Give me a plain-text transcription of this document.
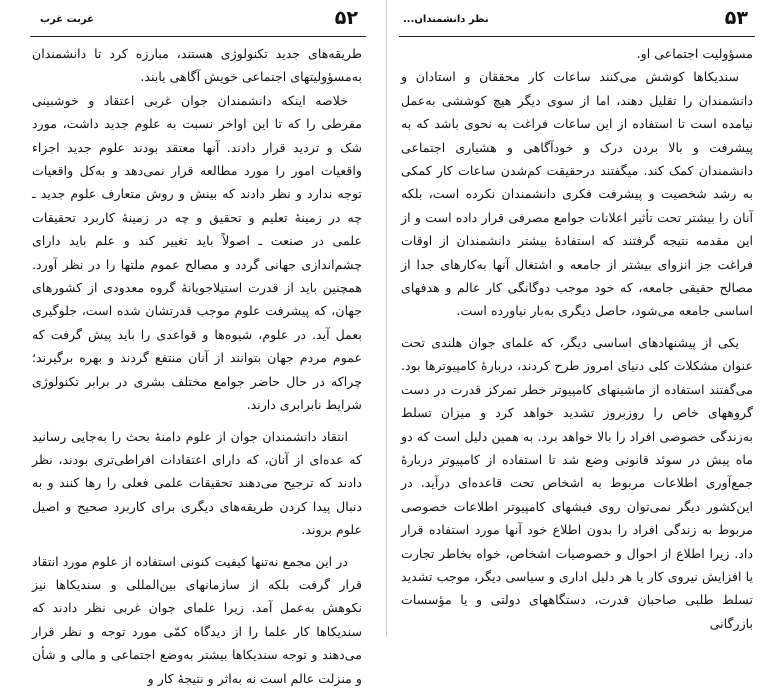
۵۲
غربت غرب

طریقه‌های جدید تکنولوژی هستند، مبارزه کرد تا دانشمندان به‌مسؤولیتهای اجتماعی خویش آگاهی یابند.

خلاصه اینکه دانشمندان جوان غربی اعتقاد و خوشبینی مفرطی را که تا این اواخر نسبت به علوم جدید داشت، مورد شک و تردید قرار دادند. آنها معتقد بودند علوم جدید اجزاء واقعیات امور را مورد مطالعه قرار نمی‌دهد و به‌کل واقعیات توجه ندارد و نظر دادند که بینش و روش متعارف علوم جدید ـ چه در زمینهٔ تعلیم و تحقیق و چه در زمینهٔ کاربرد تحقیقات علمی در صنعت ـ اصولاً باید تغییر کند و علم باید دارای چشم‌اندازی جهانی گردد و مصالح عموم ملتها را در نظر آورد. همچنین باید از قدرت استیلاجویانهٔ گروه معدودی از کشورهای جهان، که پیشرفت علوم موجب قدرتشان شده است، جلوگیری بعمل آید. در علوم، شیوه‌ها و قواعدی را باید پیش گرفت که عموم مردم جهان بتوانند از آنان منتفع گردند و بهره برگیرند؛ چراکه در حال حاضر جوامع مختلف بشری در برابر تکنولوژی شرایط نابرابری دارند.

انتقاد دانشمندان جوان از علوم دامنهٔ بحث را به‌جایی رسانید که عده‌ای از آنان، که دارای اعتقادات افراطی‌تری بودند، نظر دادند که ترجیح می‌دهند تحقیقات علمی فعلی را رها کنند و به دنبال پیدا کردن طریقه‌های دیگری برای کاربرد صحیح و اصیل علوم بروند.

در این مجمع نه‌تنها کیفیت کنونی استفاده از علوم مورد انتقاد قرار گرفت بلکه از سازمانهای بین‌المللی و سندیکاها نیز نکوهش به‌عمل آمد. زیرا علمای جوان غربی نظر دادند که سندیکاها کار علما را از دیدگاه کمّی مورد توجه و نظر قرار می‌دهند و توجه سندیکاها بیشتر به‌وضع اجتماعی و مالی و شأن و منزلت عالم است نه به‌اثر و نتیجهٔ کار و

۵۳
نظر دانشمندان...

مسؤولیت اجتماعی او.

سندیکاها کوشش می‌کنند ساعات کار محققان و استادان و دانشمندان را تقلیل دهند، اما از سوی دیگر هیچ کوششی به‌عمل نیامده است تا استفاده از این ساعات فراغت به نحوی باشد که به پیشرفت و بالا بردن درک و خودآگاهی و هشیاری اجتماعی دانشمندان کمک کند. میگفتند درحقیقت کم‌شدن ساعات کار کمکی به رشد شخصیت و پیشرفت فکری دانشمندان نکرده است، بلکه آنان را بیشتر تحت تأثیر اعلانات جوامع مصرفی قرار داده است و از این مقدمه نتیجه گرفتند که استفادهٔ بیشتر دانشمندان از اوقات فراغت جز انزوای بیشتر از جامعه و اشتغال آنها به‌کارهای جدا از مصالح حقیقی جامعه، که خود موجب دوگانگی کار عالم و هدفهای اساسی جامعه می‌شود، حاصل دیگری به‌بار نیاورده است.

یکی از پیشنهادهای اساسی دیگر، که علمای جوان هلندی تحت عنوان مشکلات کلی دنیای امروز طرح کردند، دربارهٔ کامپیوترها بود. می‌گفتند استفاده از ماشینهای کامپیوتر خطر تمرکز قدرت در دست گروههای خاص را روزبروز تشدید خواهد کرد و میزان تسلط به‌زندگی خصوصی افراد را بالا خواهد برد. به همین دلیل است که دو ماه پیش در سوئد قانونی وضع شد تا استفاده از کامپیوتر دربارهٔ جمع‌آوری اطلاعات مربوط به اشخاص تحت قاعده‌ای درآید. در این‌کشور دیگر نمی‌توان روی فیشهای کامپیوتر اطلاعات خصوصی مربوط به زندگی افراد را بدون اطلاع خود آنها مورد استفاده قرار داد. زیرا اطلاع از احوال و خصوصیات اشخاص، خواه بخاطر تجارت یا افزایش نیروی کار یا هر دلیل اداری و سیاسی دیگر، موجب تشدید تسلط طلبی صاحبان قدرت، دستگاههای دولتی و یا مؤسسات بازرگانی
